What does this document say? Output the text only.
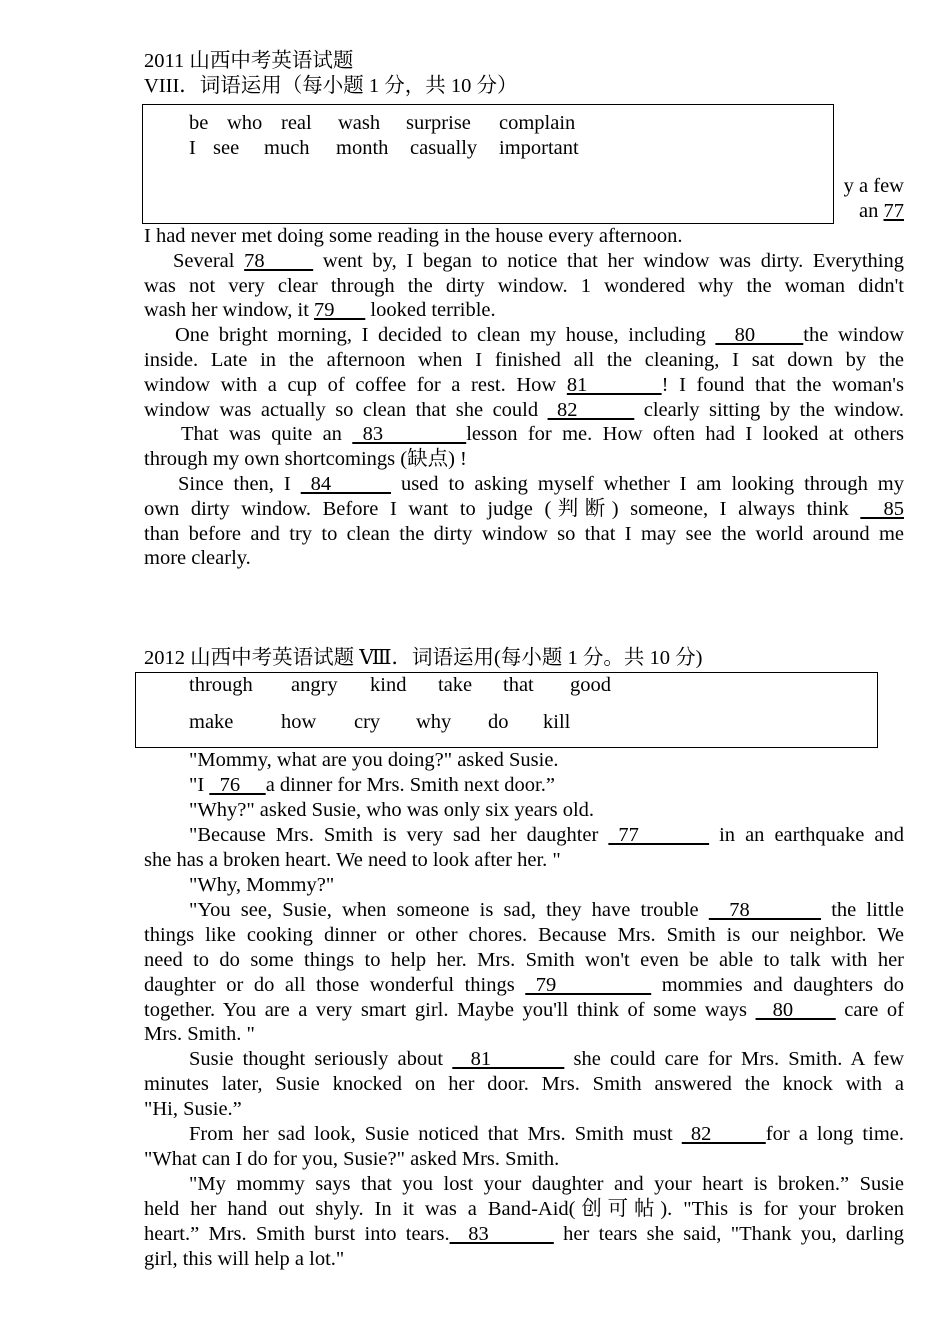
2011 山西中考英语试题
VIII．词语运用（每小题 1 分，共 10 分）
y a few
an 77
be who real wash surprise complain
I see much month casually important
I had never met doing some reading in the house every afternoon.
Several 78      went by, I began to notice that her window was dirty. Everything
was not very clear through the dirty window. 1 wondered why the woman didn't
wash her window, it 79       looked terrible.
One bright morning, I decided to clean my house, including   80     the window
inside. Late in the afternoon when I finished all the cleaning, I sat down by the
window with a cup of coffee for a rest. How 81       ! I found that the woman's
window was actually so clean that she could  82       clearly sitting by the window.
That was quite an  83        lesson for me. How often had I looked at others
through my own shortcomings (缺点) !
Since then, I  84       used to asking myself whether I am looking through my
own dirty window. Before I want to judge (判断) someone, I always think   85
than before and try to clean the dirty window so that I may see the world around me
more clearly.
2012 山西中考英语试题 Ⅷ．词语运用(每小题 1 分。共 10 分)
through angry kind take that good
make how cry why do kill
"Mommy, what are you doing?" asked Susie.
"I   76     a dinner for Mrs. Smith next door.”
"Why?" asked Susie, who was only six years old.
"Because Mrs. Smith is very sad her daughter  77        in an earthquake and
she has a broken heart. We need to look after her. "
"Why, Mommy?"
"You see, Susie, when someone is sad, they have trouble   78        the little
things like cooking dinner or other chores. Because Mrs. Smith is our neighbor. We
need to do some things to help her. Mrs. Smith won't even be able to talk with her
daughter or do all those wonderful things  79          mommies and daughters do
together. You are a very smart girl. Maybe you'll think of some ways   80      care of
Mrs. Smith. "
Susie thought seriously about   81         she could care for Mrs. Smith. A few
minutes later, Susie knocked on her door. Mrs. Smith answered the knock with a
"Hi, Susie.”
From her sad look, Susie noticed that Mrs. Smith must  82      for a long time.
"What can I do for you, Susie?" asked Mrs. Smith.
"My mommy says that you lost your daughter and your heart is broken.” Susie
held her hand out shyly. In it was a Band-Aid(创可帖). "This is for your broken
heart.” Mrs. Smith burst into tears.  83        her tears she said, "Thank you, darling
girl, this will help a lot."
